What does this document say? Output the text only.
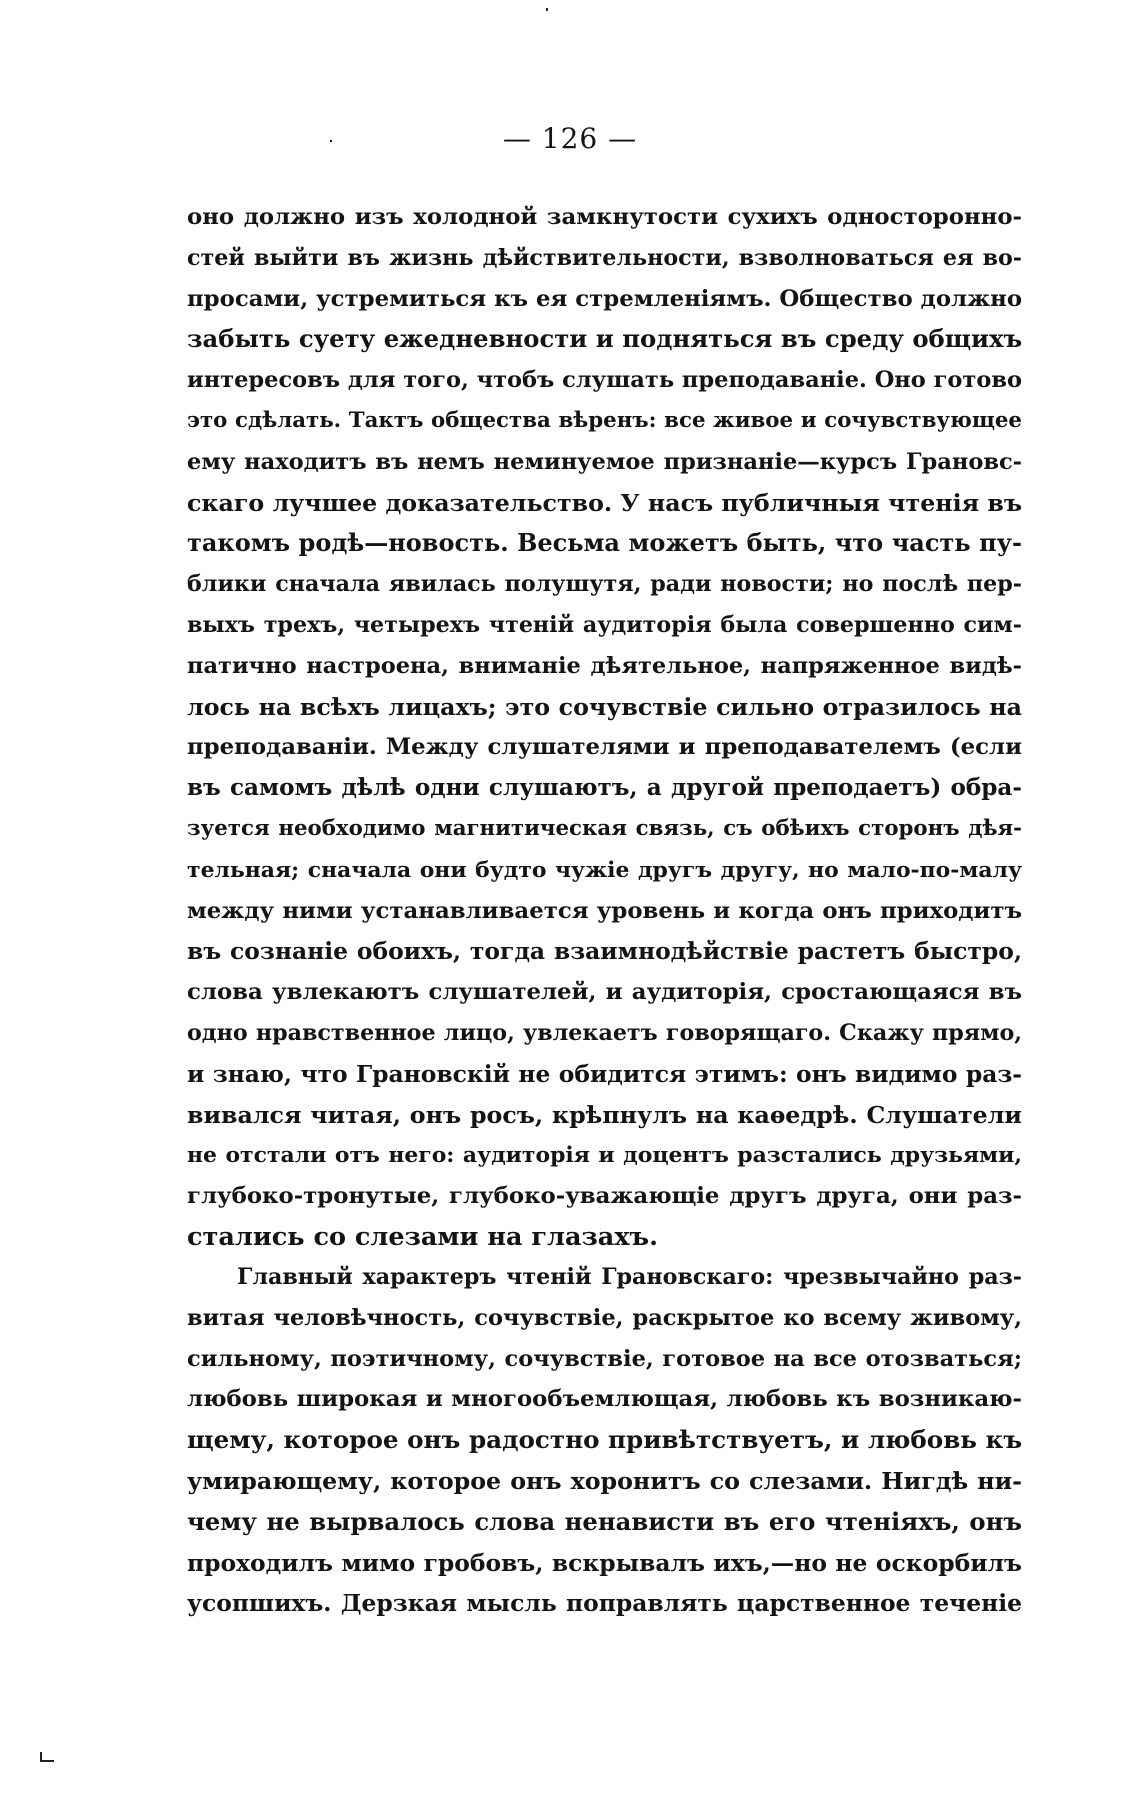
— 126 —
оно должно изъ холодной замкнутости сухихъ односторонно-
стей выйти въ жизнь дѣйствительности, взволноваться ея во-
просами, устремиться къ ея стремленіямъ. Общество должно
забыть суету ежедневности и подняться въ среду общихъ
интересовъ для того, чтобъ слушать преподаваніе. Оно готово
это сдѣлать. Тактъ общества вѣренъ: все живое и сочувствующее
ему находитъ въ немъ неминуемое признаніе—курсъ Грановс-
скаго лучшее доказательство. У насъ публичныя чтенія въ
такомъ родѣ—новость. Весьма можетъ быть, что часть пу-
блики сначала явилась полушутя, ради новости; но послѣ пер-
выхъ трехъ, четырехъ чтеній аудиторія была совершенно сим-
патично настроена, вниманіе дѣятельное, напряженное видѣ-
лось на всѣхъ лицахъ; это сочувствіе сильно отразилось на
преподаваніи. Между слушателями и преподавателемъ (если
въ самомъ дѣлѣ одни слушаютъ, а другой преподаетъ) обра-
зуется необходимо магнитическая связь, съ обѣихъ сторонъ дѣя-
тельная; сначала они будто чужіе другъ другу, но мало-по-малу
между ними устанавливается уровень и когда онъ приходитъ
въ сознаніе обоихъ, тогда взаимнодѣйствіе растетъ быстро,
слова увлекаютъ слушателей, и аудиторія, сростающаяся въ
одно нравственное лицо, увлекаетъ говорящаго. Скажу прямо,
и знаю, что Грановскій не обидится этимъ: онъ видимо раз-
вивался читая, онъ росъ, крѣпнулъ на каѳедрѣ. Слушатели
не отстали отъ него: аудиторія и доцентъ разстались друзьями,
глубоко-тронутые, глубоко-уважающіе другъ друга, они раз-
стались со слезами на глазахъ.
Главный характеръ чтеній Грановскаго: чрезвычайно раз-
витая человѣчность, сочувствіе, раскрытое ко всему живому,
сильному, поэтичному, сочувствіе, готовое на все отозваться;
любовь широкая и многообъемлющая, любовь къ возникаю-
щему, которое онъ радостно привѣтствуетъ, и любовь къ
умирающему, которое онъ хоронитъ со слезами. Нигдѣ ни-
чему не вырвалось слова ненависти въ его чтеніяхъ, онъ
проходилъ мимо гробовъ, вскрывалъ ихъ,—но не оскорбилъ
усопшихъ. Дерзкая мысль поправлять царственное теченіе
